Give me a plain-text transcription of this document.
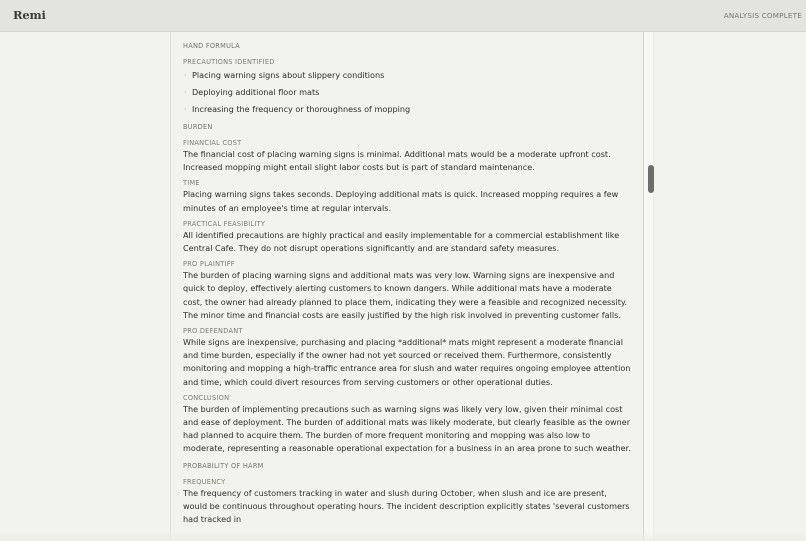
Remi	ANALYSIS COMPLETE

HAND FORMULA

PRECAUTIONS IDENTIFIED

· Placing warning signs about slippery conditions
· Deploying additional floor mats
· Increasing the frequency or thoroughness of mopping

BURDEN

FINANCIAL COST

The financial cost of placing warning signs is minimal. Additional mats would be a moderate upfront cost. Increased mopping might entail slight labor costs but is part of standard maintenance.

TIME

Placing warning signs takes seconds. Deploying additional mats is quick. Increased mopping requires a few minutes of an employee's time at regular intervals.

PRACTICAL FEASIBILITY

All identified precautions are highly practical and easily implementable for a commercial establishment like Central Cafe. They do not disrupt operations significantly and are standard safety measures.

PRO PLAINTIFF

The burden of placing warning signs and additional mats was very low. Warning signs are inexpensive and quick to deploy, effectively alerting customers to known dangers. While additional mats have a moderate cost, the owner had already planned to place them, indicating they were a feasible and recognized necessity. The minor time and financial costs are easily justified by the high risk involved in preventing customer falls.

PRO DEFENDANT

While signs are inexpensive, purchasing and placing *additional* mats might represent a moderate financial and time burden, especially if the owner had not yet sourced or received them. Furthermore, consistently monitoring and mopping a high-traffic entrance area for slush and water requires ongoing employee attention and time, which could divert resources from serving customers or other operational duties.

CONCLUSION

The burden of implementing precautions such as warning signs was likely very low, given their minimal cost and ease of deployment. The burden of additional mats was likely moderate, but clearly feasible as the owner had planned to acquire them. The burden of more frequent monitoring and mopping was also low to moderate, representing a reasonable operational expectation for a business in an area prone to such weather.

PROBABILITY OF HARM

FREQUENCY

The frequency of customers tracking in water and slush during October, when slush and ice are present, would be continuous throughout operating hours. The incident description explicitly states 'several customers had tracked in
